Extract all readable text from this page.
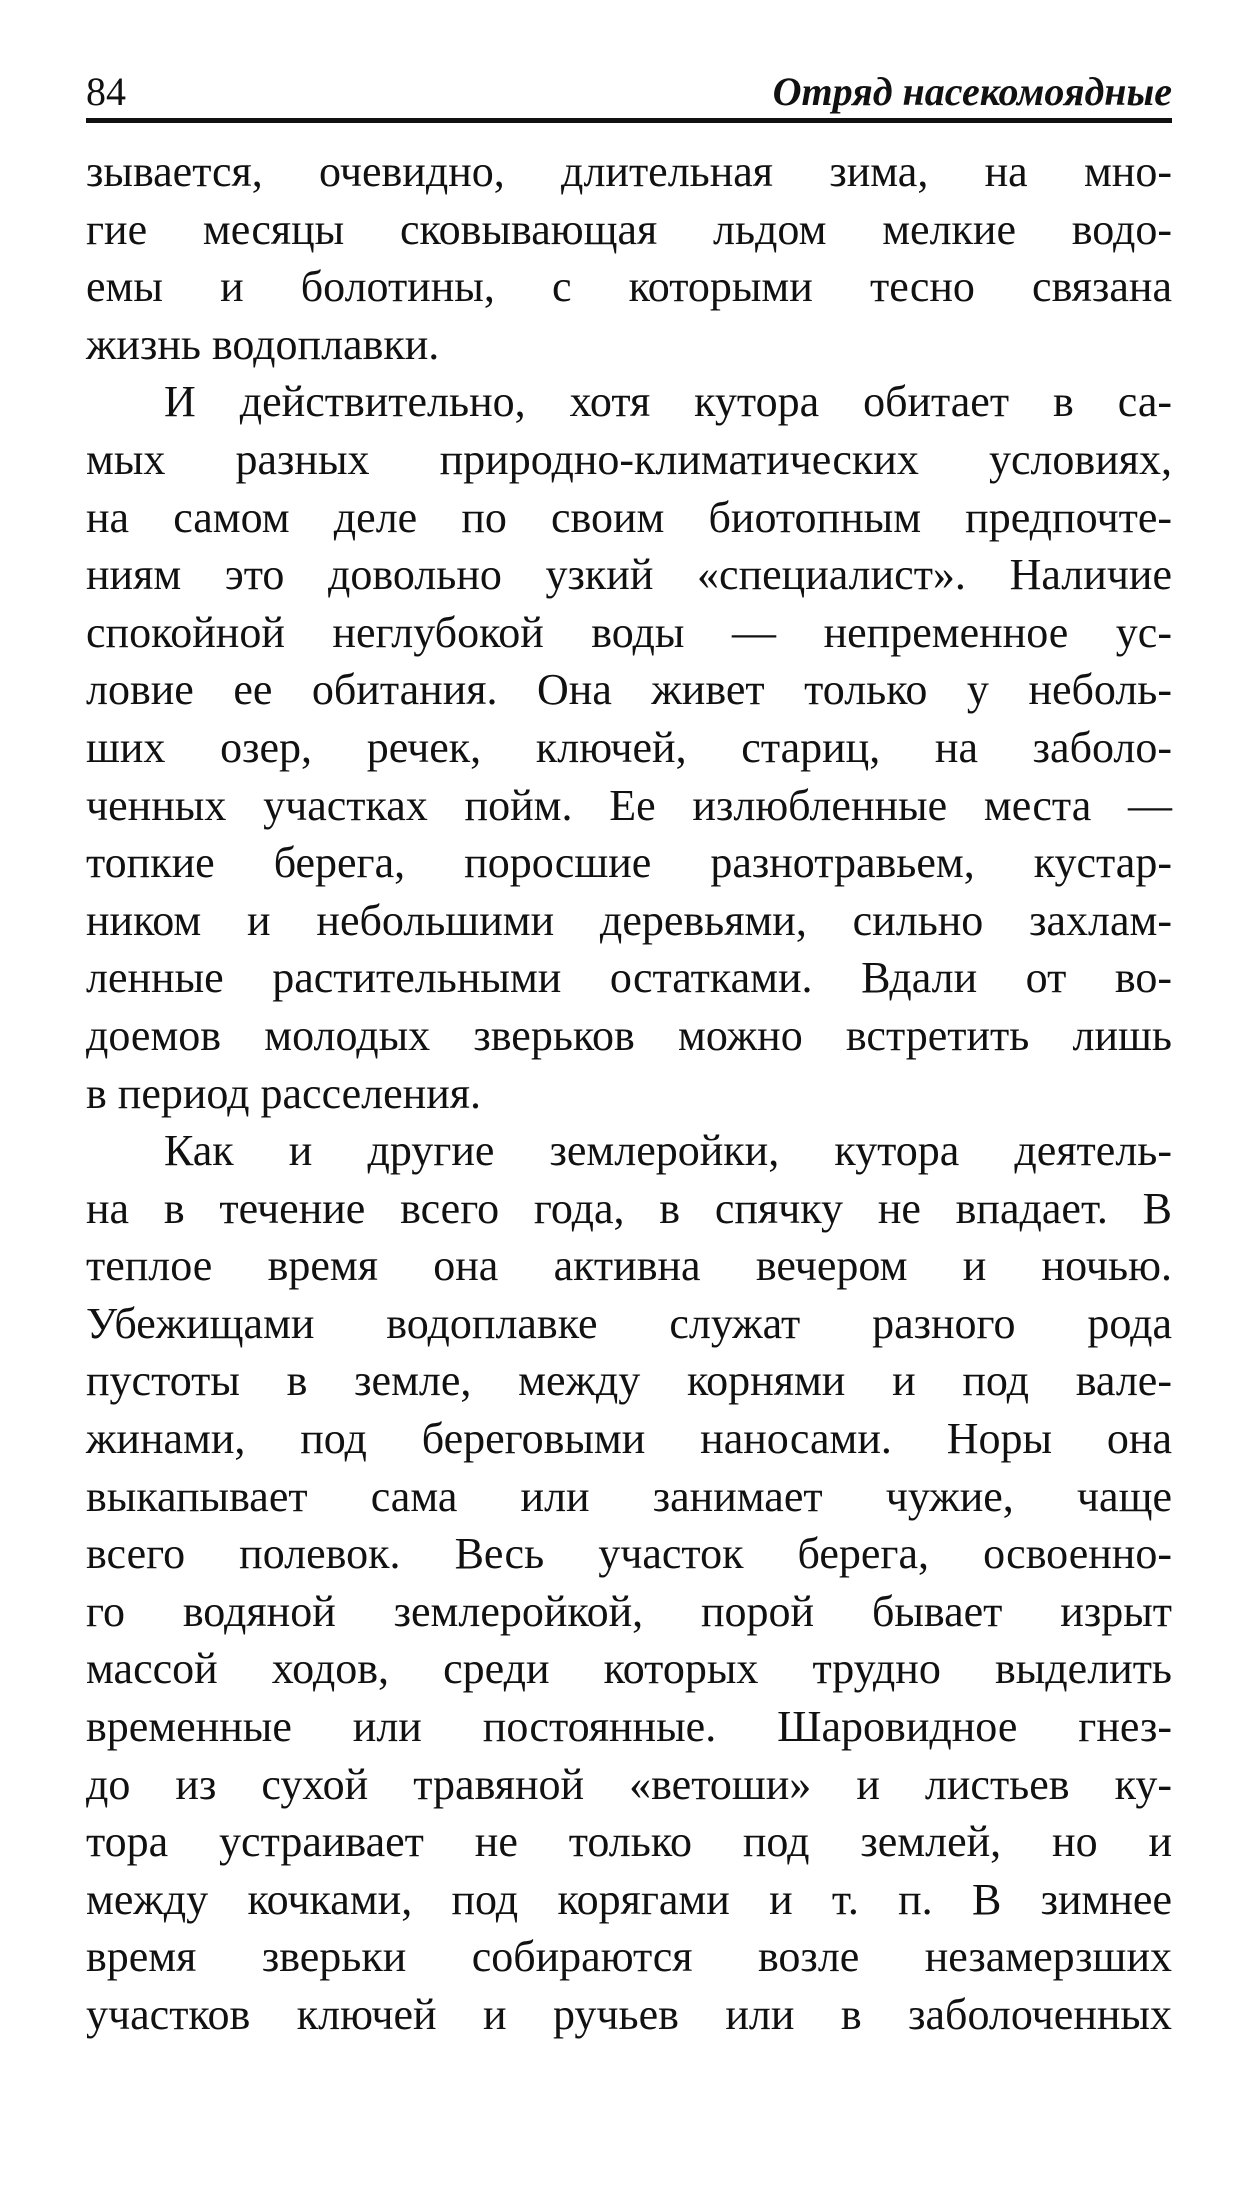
84	Отряд насекомоядные
зывается, очевидно, длительная зима, на мно-
гие месяцы сковывающая льдом мелкие водо-
емы и болотины, с которыми тесно связана
жизнь водоплавки.
И действительно, хотя кутора обитает в са-
мых разных природно-климатических условиях,
на самом деле по своим биотопным предпочте-
ниям это довольно узкий «специалист». Наличие
спокойной неглубокой воды — непременное ус-
ловие ее обитания. Она живет только у неболь-
ших озер, речек, ключей, стариц, на заболо-
ченных участках пойм. Ее излюбленные места —
топкие берега, поросшие разнотравьем, кустар-
ником и небольшими деревьями, сильно захлам-
ленные растительными остатками. Вдали от во-
доемов молодых зверьков можно встретить лишь
в период расселения.
Как и другие землеройки, кутора деятель-
на в течение всего года, в спячку не впадает. В
теплое время она активна вечером и ночью.
Убежищами водоплавке служат разного рода
пустоты в земле, между корнями и под вале-
жинами, под береговыми наносами. Норы она
выкапывает сама или занимает чужие, чаще
всего полевок. Весь участок берега, освоенно-
го водяной землеройкой, порой бывает изрыт
массой ходов, среди которых трудно выделить
временные или постоянные. Шаровидное гнез-
до из сухой травяной «ветоши» и листьев ку-
тора устраивает не только под землей, но и
между кочками, под корягами и т. п. В зимнее
время зверьки собираются возле незамерзших
участков ключей и ручьев или в заболоченных
